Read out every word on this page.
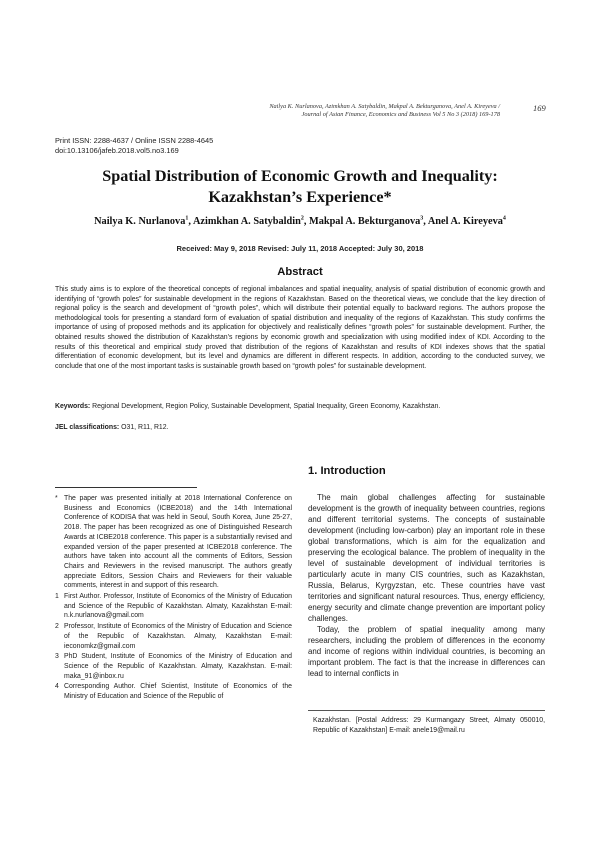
Nailya K. Nurlanova, Azimkhan A. Satybaldin, Makpal A. Bekturganova, Anel A. Kireyeva /
Journal of Asian Finance, Economics and Business Vol 5 No 3 (2018) 169-178
169
Print ISSN: 2288-4637 / Online ISSN 2288-4645
doi:10.13106/jafeb.2018.vol5.no3.169
Spatial Distribution of Economic Growth and Inequality:
Kazakhstan’s Experience*
Nailya K. Nurlanova$^1$, Azimkhan A. Satybaldin$^2$, Makpal A. Bekturganova$^3$, Anel A. Kireyeva$^4$
Received: May 9, 2018 Revised: July 11, 2018 Accepted: July 30, 2018
Abstract
This study aims is to explore of the theoretical concepts of regional imbalances and spatial inequality, analysis of spatial distribution of economic growth and identifying of “growth poles” for sustainable development in the regions of Kazakhstan. Based on the theoretical views, we conclude that the key direction of regional policy is the search and development of “growth poles”, which will distribute their potential equally to backward regions. The authors propose the methodological tools for presenting a standard form of evaluation of spatial distribution and inequality of the regions of Kazakhstan. This study confirms the importance of using of proposed methods and its application for objectively and realistically defines “growth poles” for sustainable development. Further, the obtained results showed the distribution of Kazakhstan's regions by economic growth and specialization with using modified index of KDI. According to the results of this theoretical and empirical study proved that distribution of the regions of Kazakhstan and results of KDI indexes shows that the spatial differentiation of economic development, but its level and dynamics are different in different respects. In addition, according to the conducted survey, we conclude that one of the most important tasks is sustainable growth based on “growth poles” for sustainable development.
Keywords: Regional Development, Region Policy, Sustainable Development, Spatial Inequality, Green Economy, Kazakhstan.
JEL classifications: O31, R11, R12.
1. Introduction
* The paper was presented initially at 2018 International Conference on Business and Economics (ICBE2018) and the 14th International Conference of KODISA that was held in Seoul, South Korea, June 25-27, 2018. The paper has been recognized as one of Distinguished Research Awards at ICBE2018 conference. This paper is a substantially revised and expanded version of the paper presented at ICBE2018 conference. The authors have taken into account all the comments of Editors, Session Chairs and Reviewers in the revised manuscript. The authors greatly appreciate Editors, Session Chairs and Reviewers for their valuable comments, interest in and support of this research.
1 First Author. Professor, Institute of Economics of the Ministry of Education and Science of the Republic of Kazakhstan. Almaty, Kazakhstan E-mail: n.k.nurlanova@gmail.com
2 Professor, Institute of Economics of the Ministry of Education and Science of the Republic of Kazakhstan. Almaty, Kazakhstan E-mail: ieconomkz@gmail.com
3 PhD Student, Institute of Economics of the Ministry of Education and Science of the Republic of Kazakhstan. Almaty, Kazakhstan. E-mail: maka_91@inbox.ru
4 Corresponding Author. Chief Scientist, Institute of Economics of the Ministry of Education and Science of the Republic of

The main global challenges affecting for sustainable development is the growth of inequality between countries, regions and different territorial systems. The concepts of sustainable development (including low-carbon) play an important role in these global transformations, which is aim for the equalization and preserving the ecological balance. The problem of inequality in the level of sustainable development of individual territories is particularly acute in many CIS countries, such as Kazakhstan, Russia, Belarus, Kyrgyzstan, etc. These countries have vast territories and significant natural resources. Thus, energy efficiency, energy security and climate change prevention are important policy challenges.

Today, the problem of spatial inequality among many researchers, including the problem of differences in the economy and income of regions within individual countries, is becoming an important problem. The fact is that the increase in differences can lead to internal conflicts in

Kazakhstan. [Postal Address: 29 Kurmangazy Street, Almaty 050010, Republic of Kazakhstan] E-mail: anele19@mail.ru
